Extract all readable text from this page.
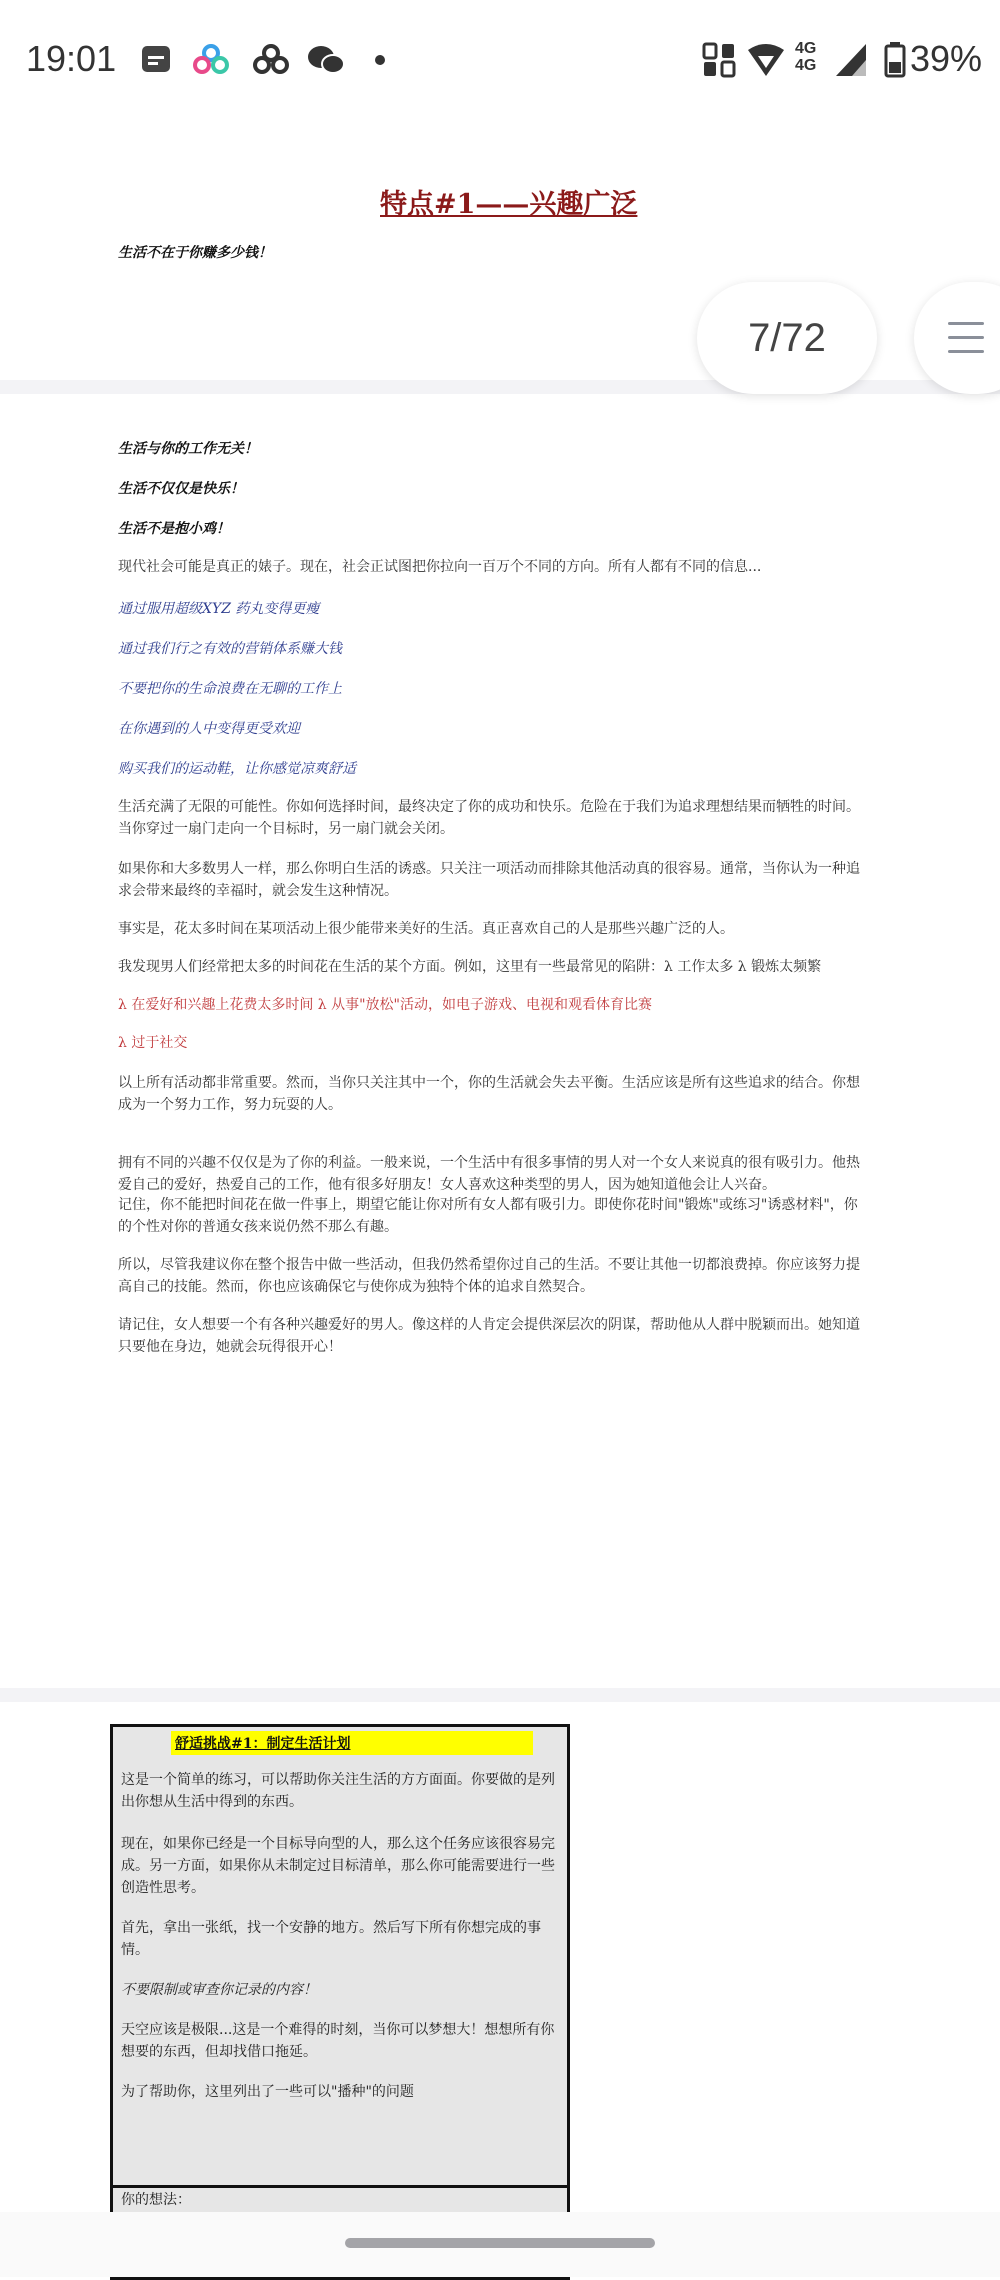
19:01	4G
4G	39%
特点#1——兴趣广泛
生活不在于你赚多少钱！
7/72
生活与你的工作无关！
生活不仅仅是快乐！
生活不是抱小鸡！
现代社会可能是真正的婊子。现在，社会正试图把你拉向一百万个不同的方向。所有人都有不同的信息...
通过服用超级XYZ 药丸变得更瘦
通过我们行之有效的营销体系赚大钱
不要把你的生命浪费在无聊的工作上
在你遇到的人中变得更受欢迎
购买我们的运动鞋，让你感觉凉爽舒适
生活充满了无限的可能性。你如何选择时间，最终决定了你的成功和快乐。危险在于我们为追求理想结果而牺牲的时间。当你穿过一扇门走向一个目标时，另一扇门就会关闭。
如果你和大多数男人一样，那么你明白生活的诱惑。只关注一项活动而排除其他活动真的很容易。通常，当你认为一种追求会带来最终的幸福时，就会发生这种情况。
事实是，花太多时间在某项活动上很少能带来美好的生活。真正喜欢自己的人是那些兴趣广泛的人。
我发现男人们经常把太多的时间花在生活的某个方面。例如，这里有一些最常见的陷阱：λ 工作太多 λ 锻炼太频繁
λ 在爱好和兴趣上花费太多时间 λ 从事"放松"活动，如电子游戏、电视和观看体育比赛
λ 过于社交
以上所有活动都非常重要。然而，当你只关注其中一个，你的生活就会失去平衡。生活应该是所有这些追求的结合。你想成为一个努力工作，努力玩耍的人。
拥有不同的兴趣不仅仅是为了你的利益。一般来说，一个生活中有很多事情的男人对一个女人来说真的很有吸引力。他热爱自己的爱好，热爱自己的工作，他有很多好朋友！女人喜欢这种类型的男人，因为她知道他会让人兴奋。
记住，你不能把时间花在做一件事上，期望它能让你对所有女人都有吸引力。即使你花时间"锻炼"或练习"诱惑材料"，你的个性对你的普通女孩来说仍然不那么有趣。
所以，尽管我建议你在整个报告中做一些活动，但我仍然希望你过自己的生活。不要让其他一切都浪费掉。你应该努力提高自己的技能。然而，你也应该确保它与使你成为独特个体的追求自然契合。
请记住，女人想要一个有各种兴趣爱好的男人。像这样的人肯定会提供深层次的阴谋，帮助他从人群中脱颖而出。她知道只要他在身边，她就会玩得很开心！
舒适挑战#1：制定生活计划
这是一个简单的练习，可以帮助你关注生活的方方面面。你要做的是列出你想从生活中得到的东西。
现在，如果你已经是一个目标导向型的人，那么这个任务应该很容易完成。另一方面，如果你从未制定过目标清单，那么你可能需要进行一些创造性思考。
首先，拿出一张纸，找一个安静的地方。然后写下所有你想完成的事情。
不要限制或审查你记录的内容！
天空应该是极限...这是一个难得的时刻，当你可以梦想大！想想所有你想要的东西，但却找借口拖延。
为了帮助你，这里列出了一些可以"播种"的问题
你的想法：
